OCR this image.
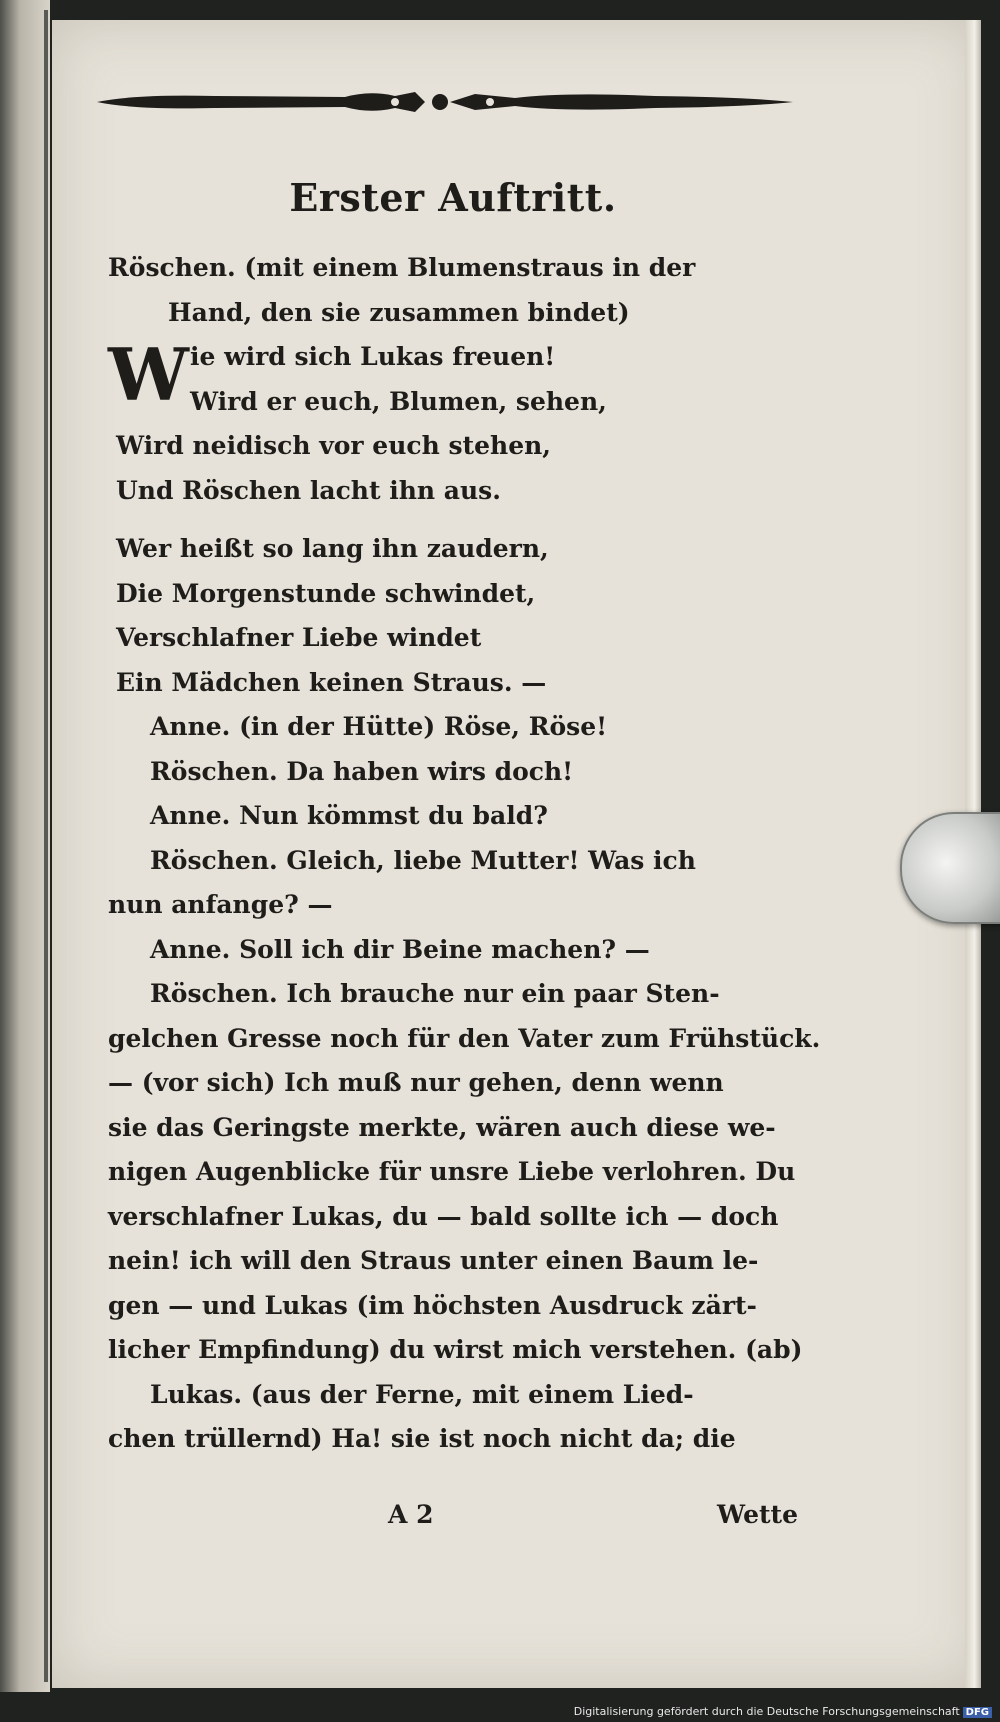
Erster Auftritt.
Röschen. (mit einem Blumenstraus in der
Hand, den sie zusammen bindet)
W ie wird sich Lukas freuen!
Wird er euch, Blumen, sehen,
Wird neidisch vor euch stehen,
Und Röschen lacht ihn aus.
Wer heißt so lang ihn zaudern,
Die Morgenstunde schwindet,
Verschlafner Liebe windet
Ein Mädchen keinen Straus. —
Anne. (in der Hütte) Röse, Röse!
Röschen. Da haben wirs doch!
Anne. Nun kömmst du bald?
Röschen. Gleich, liebe Mutter! Was ich
nun anfange? —
Anne. Soll ich dir Beine machen? —
Röschen. Ich brauche nur ein paar Sten-
gelchen Gresse noch für den Vater zum Frühstück.
— (vor sich) Ich muß nur gehen, denn wenn
sie das Geringste merkte, wären auch diese we-
nigen Augenblicke für unsre Liebe verlohren. Du
verschlafner Lukas, du — bald sollte ich — doch
nein! ich will den Straus unter einen Baum le-
gen — und Lukas (im höchsten Ausdruck zärt-
licher Empfindung) du wirst mich verstehen. (ab)
Lukas. (aus der Ferne, mit einem Lied-
chen trüllernd) Ha! sie ist noch nicht da; die
A 2	Wette
Digitalisierung gefördert durch die Deutsche Forschungsgemeinschaft DFG
